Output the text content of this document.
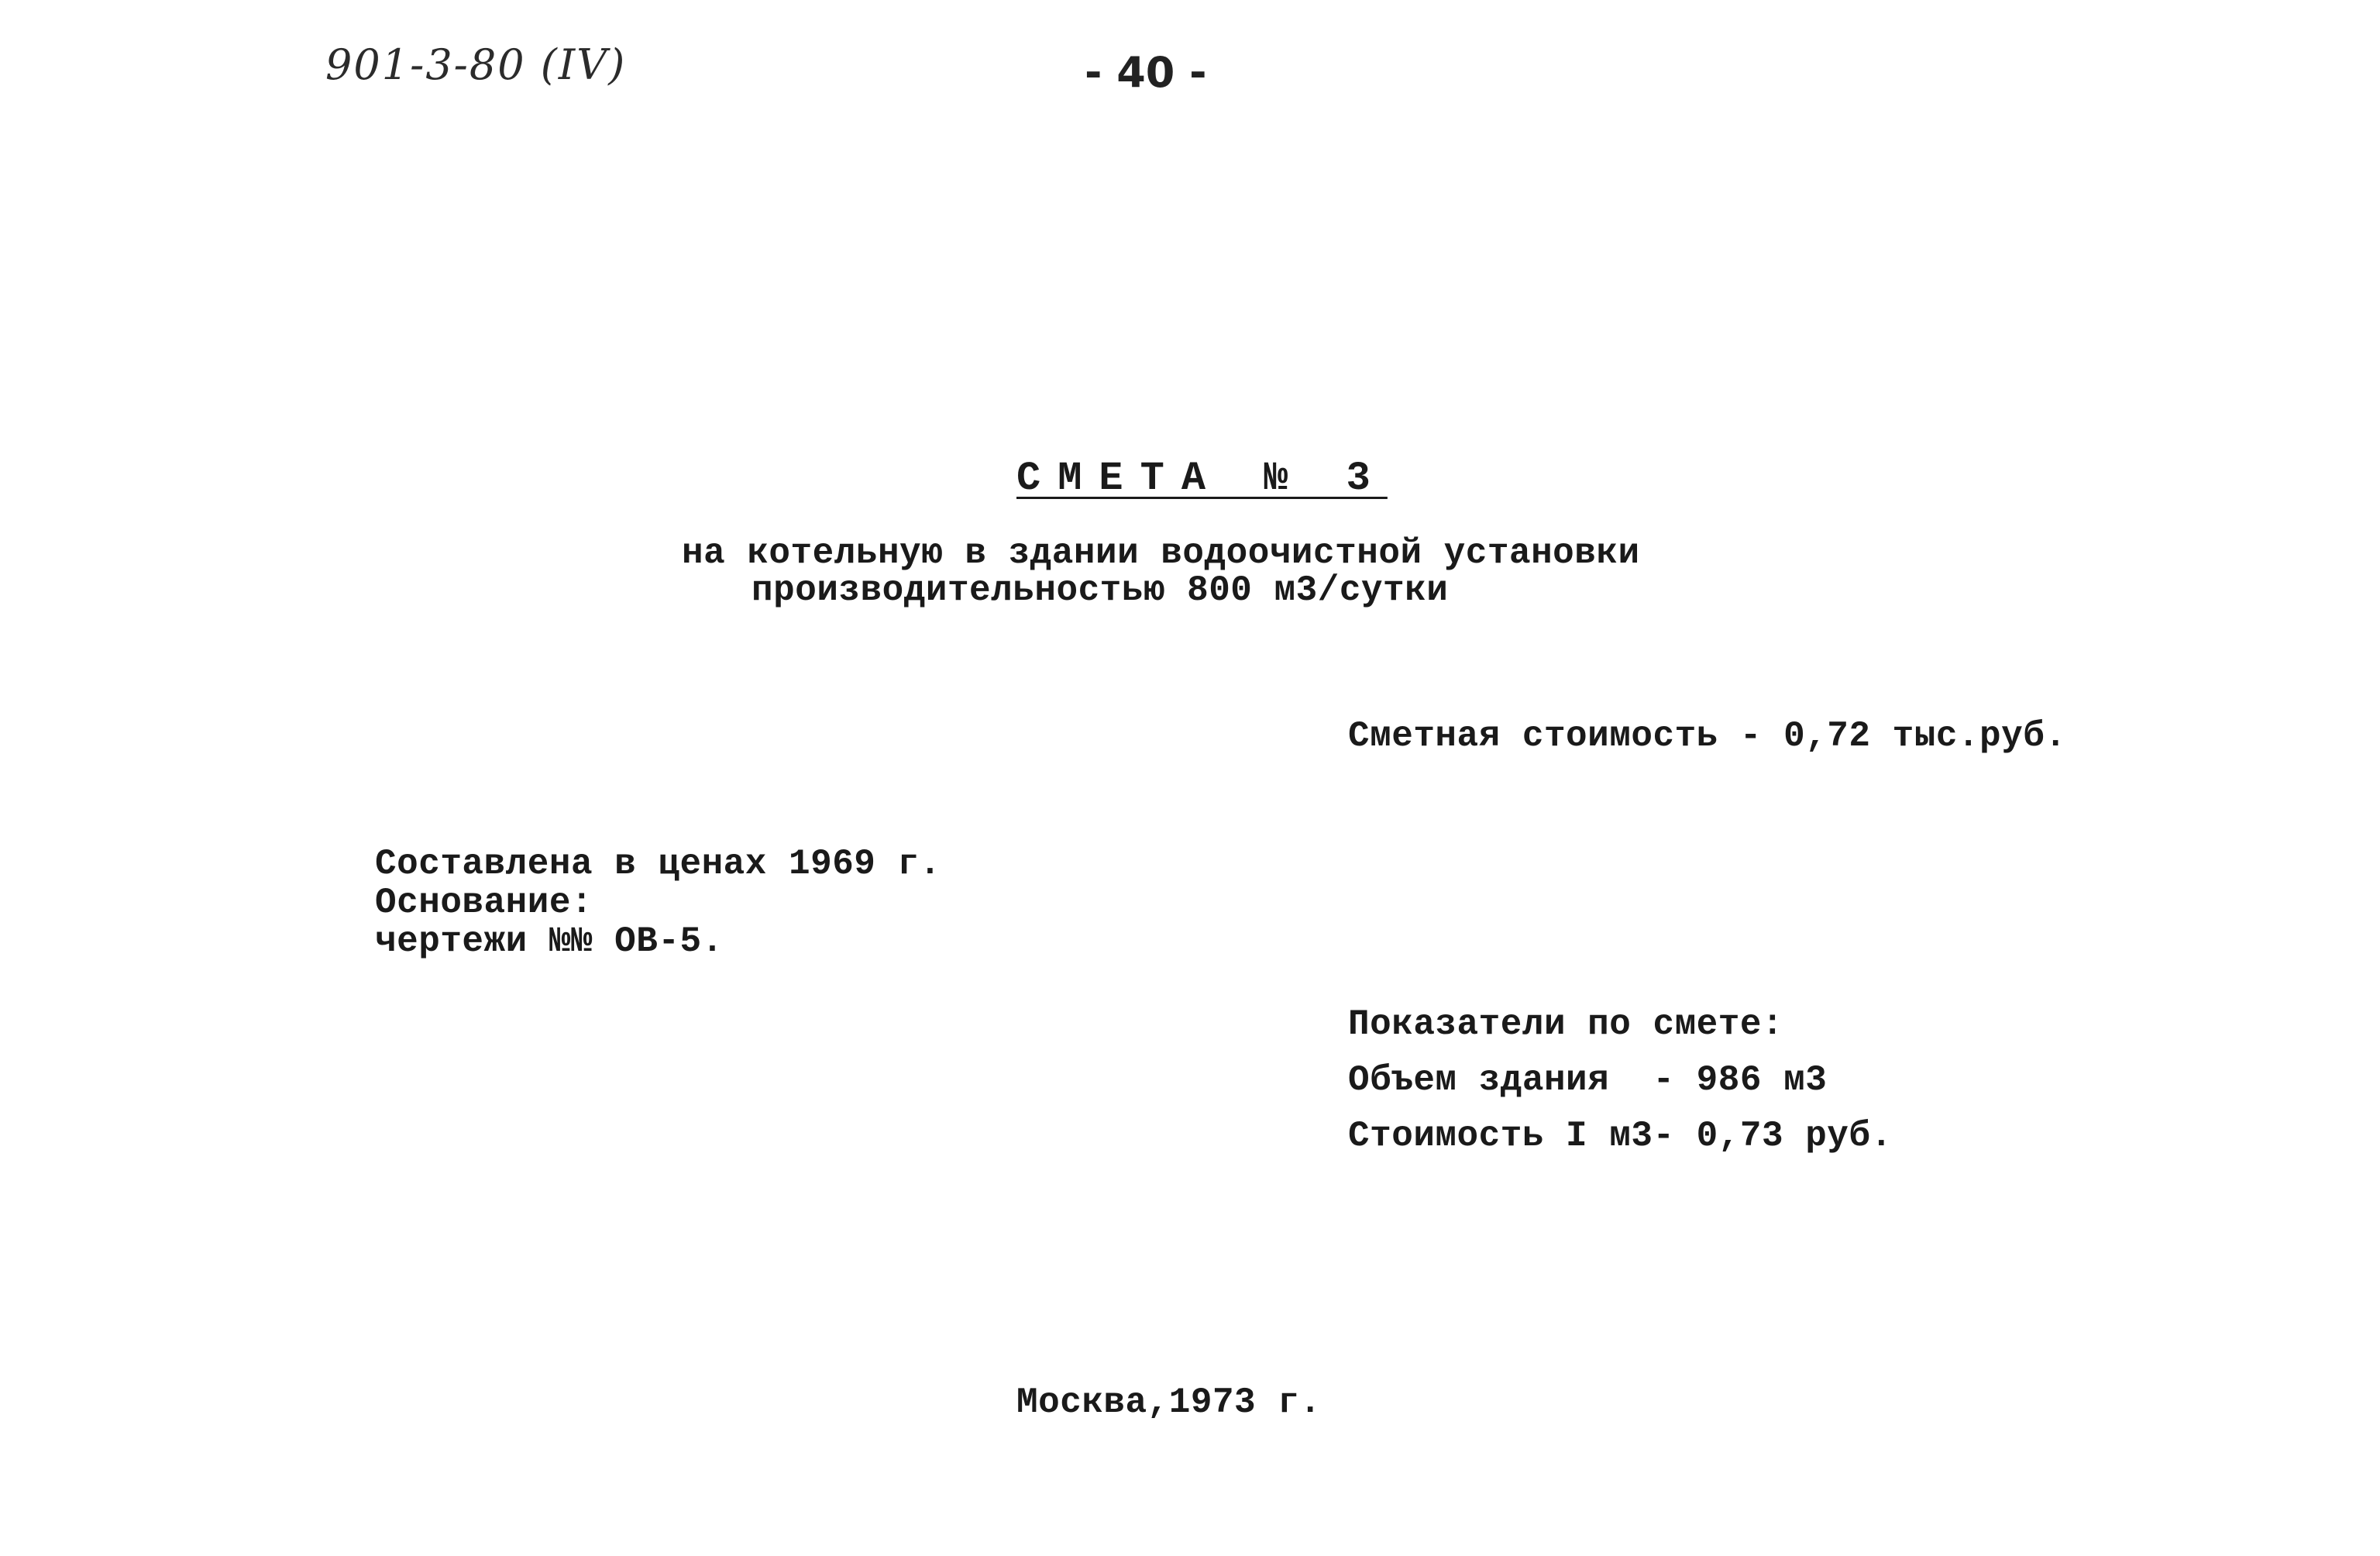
901-3-80 (IV)	- 40 -
СМЕТА № 3
на котельную в здании водоочистной установки
производительностью 800 м3/сутки
Сметная стоимость - 0,72 тыс.руб.
Составлена в ценах 1969 г.
Основание:
чертежи №№ ОВ-5.
Показатели по смете:
Объем здания  - 986 м3
Стоимость I м3- 0,73 руб.
Москва,1973 г.
